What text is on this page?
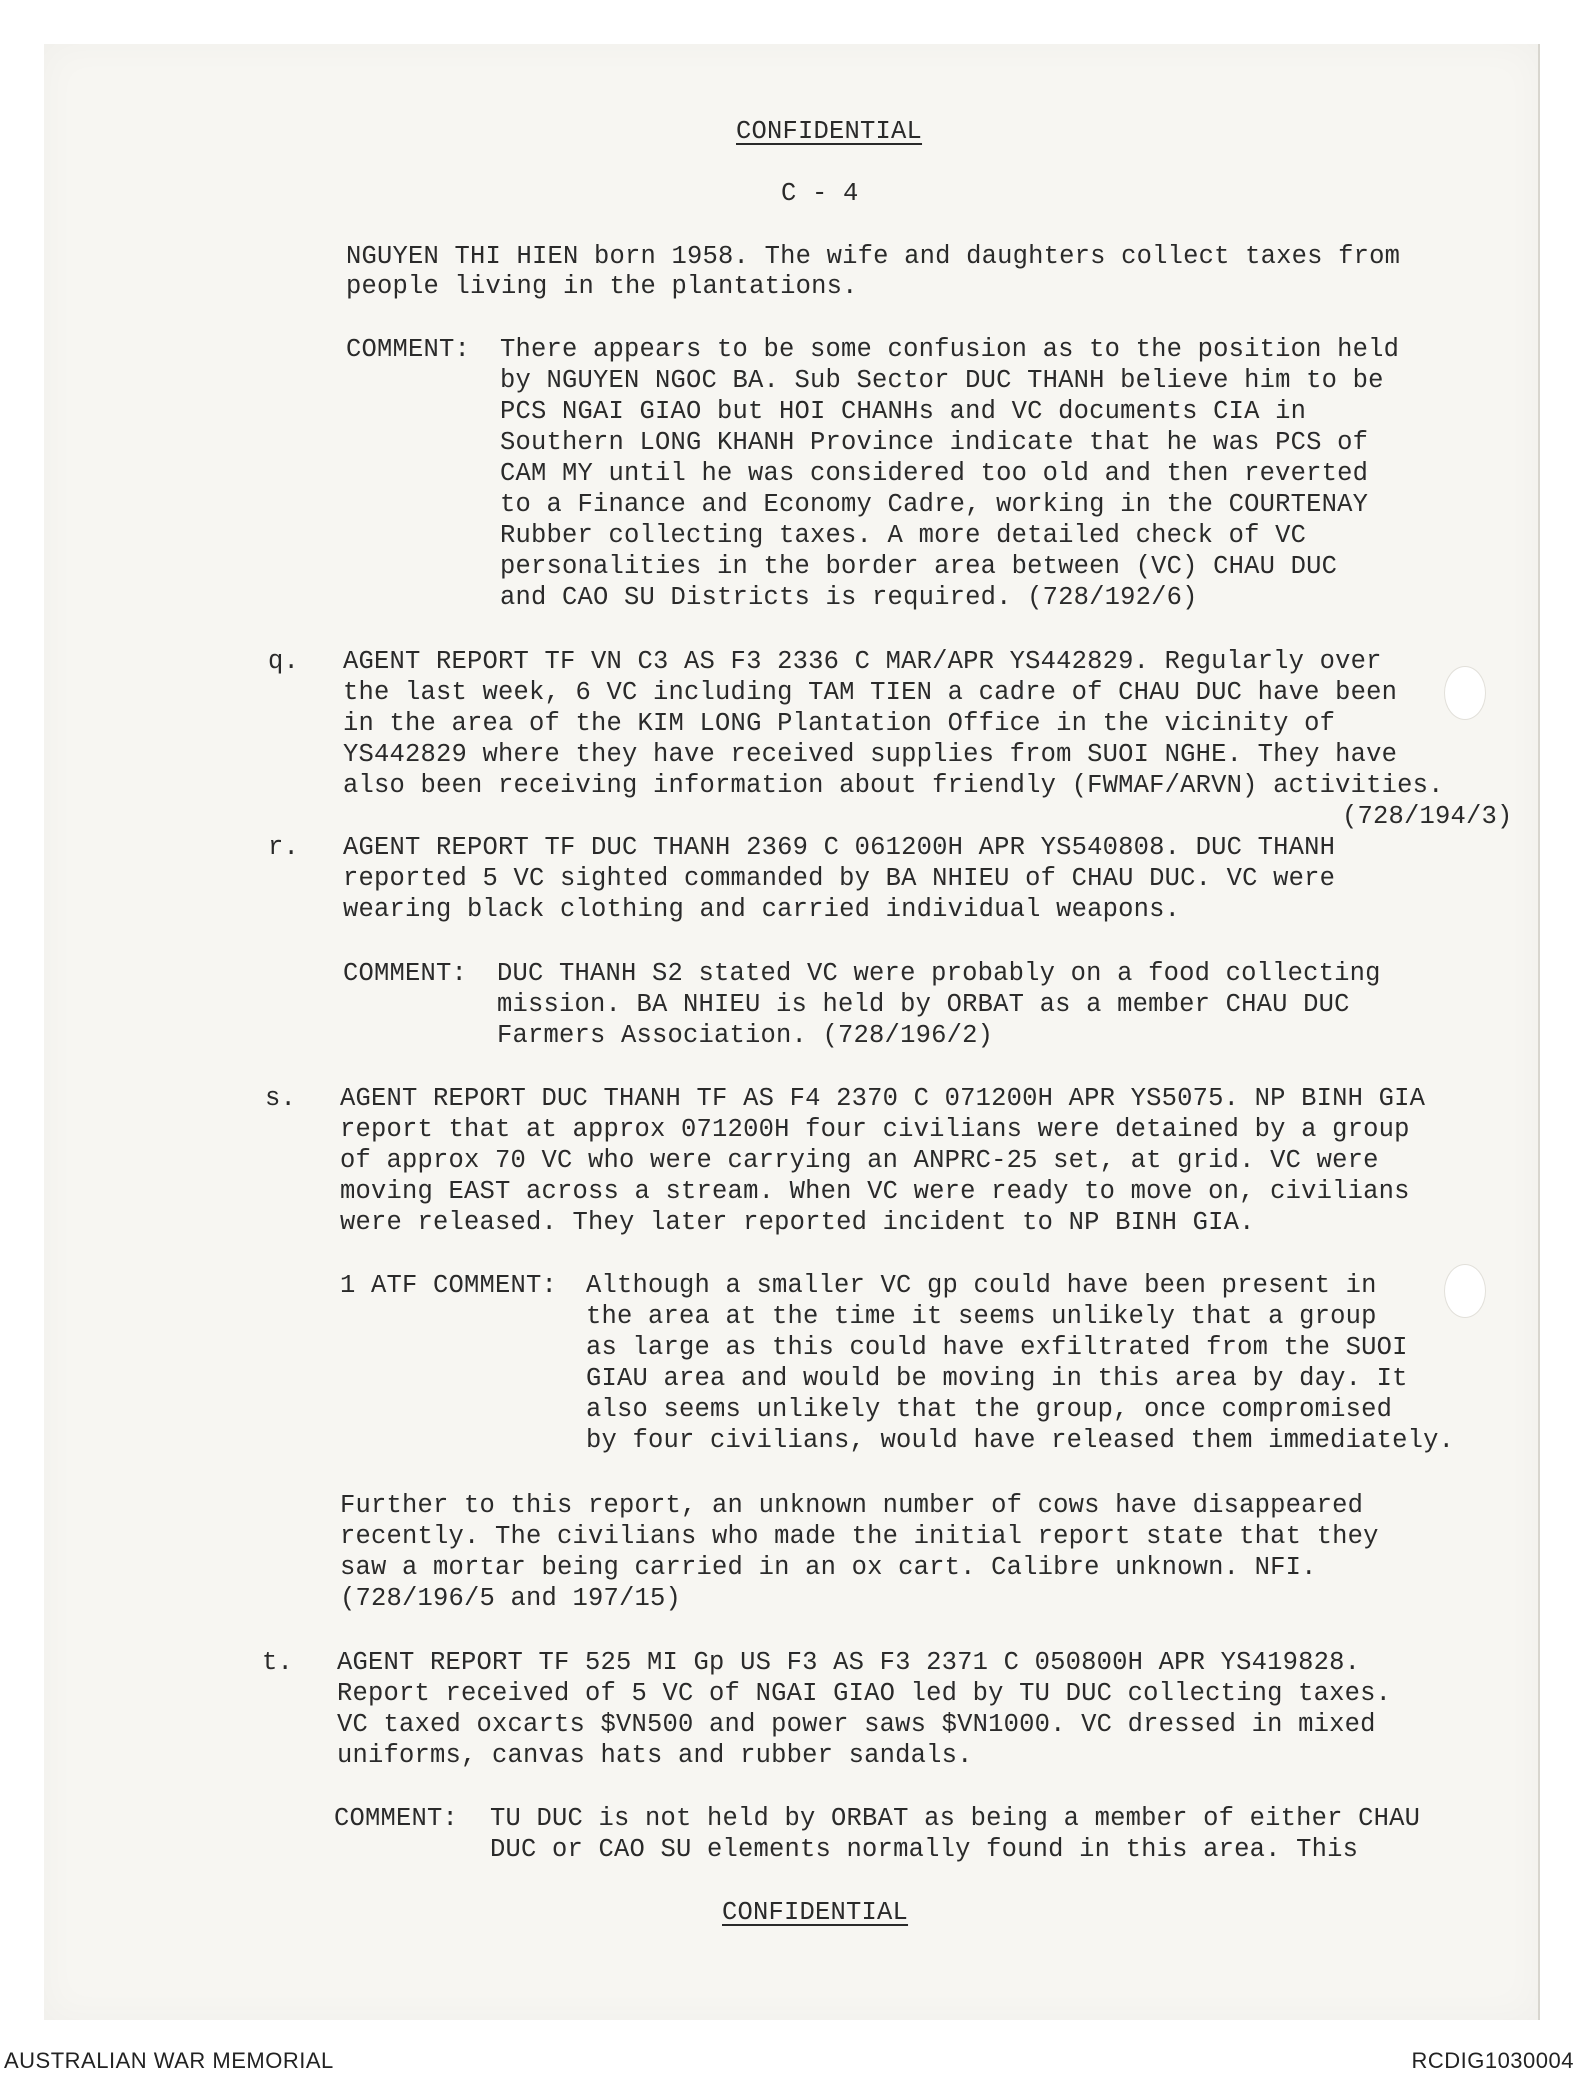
CONFIDENTIAL
C - 4
NGUYEN THI HIEN born 1958. The wife and daughters collect taxes from
people living in the plantations.
COMMENT: There appears to be some confusion as to the position held
by NGUYEN NGOC BA. Sub Sector DUC THANH believe him to be
PCS NGAI GIAO but HOI CHANHs and VC documents CIA in
Southern LONG KHANH Province indicate that he was PCS of
CAM MY until he was considered too old and then reverted
to a Finance and Economy Cadre, working in the COURTENAY
Rubber collecting taxes. A more detailed check of VC
personalities in the border area between (VC) CHAU DUC
and CAO SU Districts is required. (728/192/6)
q. AGENT REPORT TF VN C3 AS F3 2336 C MAR/APR YS442829. Regularly over
the last week, 6 VC including TAM TIEN a cadre of CHAU DUC have been
in the area of the KIM LONG Plantation Office in the vicinity of
YS442829 where they have received supplies from SUOI NGHE. They have
also been receiving information about friendly (FWMAF/ARVN) activities.
(728/194/3)
r. AGENT REPORT TF DUC THANH 2369 C 061200H APR YS540808. DUC THANH
reported 5 VC sighted commanded by BA NHIEU of CHAU DUC. VC were
wearing black clothing and carried individual weapons.
COMMENT: DUC THANH S2 stated VC were probably on a food collecting
mission. BA NHIEU is held by ORBAT as a member CHAU DUC
Farmers Association. (728/196/2)
s. AGENT REPORT DUC THANH TF AS F4 2370 C 071200H APR YS5075. NP BINH GIA
report that at approx 071200H four civilians were detained by a group
of approx 70 VC who were carrying an ANPRC-25 set, at grid. VC were
moving EAST across a stream. When VC were ready to move on, civilians
were released. They later reported incident to NP BINH GIA.
1 ATF COMMENT: Although a smaller VC gp could have been present in
the area at the time it seems unlikely that a group
as large as this could have exfiltrated from the SUOI
GIAU area and would be moving in this area by day. It
also seems unlikely that the group, once compromised
by four civilians, would have released them immediately.
Further to this report, an unknown number of cows have disappeared
recently. The civilians who made the initial report state that they
saw a mortar being carried in an ox cart. Calibre unknown. NFI.
(728/196/5 and 197/15)
t. AGENT REPORT TF 525 MI Gp US F3 AS F3 2371 C 050800H APR YS419828.
Report received of 5 VC of NGAI GIAO led by TU DUC collecting taxes.
VC taxed oxcarts $VN500 and power saws $VN1000. VC dressed in mixed
uniforms, canvas hats and rubber sandals.
COMMENT: TU DUC is not held by ORBAT as being a member of either CHAU
DUC or CAO SU elements normally found in this area. This
CONFIDENTIAL
AUSTRALIAN WAR MEMORIAL	RCDIG1030004
